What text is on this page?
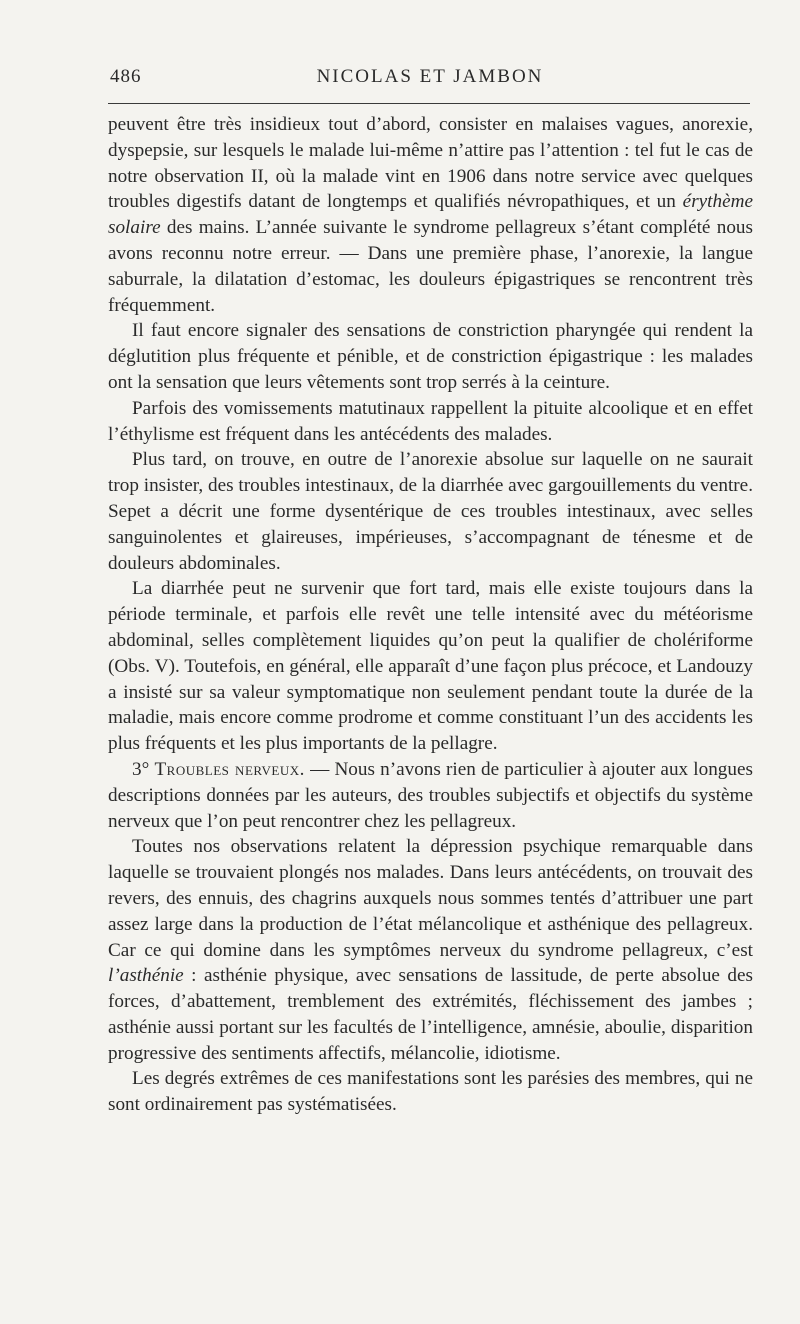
486	NICOLAS ET JAMBON

peuvent être très insidieux tout d’abord, consister en malaises vagues, anorexie, dyspepsie, sur lesquels le malade lui-même n’attire pas l’attention : tel fut le cas de notre observation II, où la malade vint en 1906 dans notre service avec quelques troubles digestifs datant de longtemps et qualifiés névropathiques, et un érythème solaire des mains. L’année suivante le syndrome pellagreux s’étant complété nous avons reconnu notre erreur. — Dans une première phase, l’anorexie, la langue saburrale, la dilatation d’estomac, les douleurs épigastriques se rencontrent très fréquemment.

Il faut encore signaler des sensations de constriction pharyngée qui rendent la déglutition plus fréquente et pénible, et de constriction épigastrique : les malades ont la sensation que leurs vêtements sont trop serrés à la ceinture.

Parfois des vomissements matutinaux rappellent la pituite alcoolique et en effet l’éthylisme est fréquent dans les antécédents des malades.

Plus tard, on trouve, en outre de l’anorexie absolue sur laquelle on ne saurait trop insister, des troubles intestinaux, de la diarrhée avec gargouillements du ventre. Sepet a décrit une forme dysentérique de ces troubles intestinaux, avec selles sanguinolentes et glaireuses, impérieuses, s’accompagnant de ténesme et de douleurs abdominales.

La diarrhée peut ne survenir que fort tard, mais elle existe toujours dans la période terminale, et parfois elle revêt une telle intensité avec du météorisme abdominal, selles complètement liquides qu’on peut la qualifier de cholériforme (Obs. V). Toutefois, en général, elle apparaît d’une façon plus précoce, et Landouzy a insisté sur sa valeur symptomatique non seulement pendant toute la durée de la maladie, mais encore comme prodrome et comme constituant l’un des accidents les plus fréquents et les plus importants de la pellagre.

3° Troubles nerveux. — Nous n’avons rien de particulier à ajouter aux longues descriptions données par les auteurs, des troubles subjectifs et objectifs du système nerveux que l’on peut rencontrer chez les pellagreux.

Toutes nos observations relatent la dépression psychique remarquable dans laquelle se trouvaient plongés nos malades. Dans leurs antécédents, on trouvait des revers, des ennuis, des chagrins auxquels nous sommes tentés d’attribuer une part assez large dans la production de l’état mélancolique et asthénique des pellagreux. Car ce qui domine dans les symptômes nerveux du syndrome pellagreux, c’est l’asthénie : asthénie physique, avec sensations de lassitude, de perte absolue des forces, d’abattement, tremblement des extrémités, fléchissement des jambes ; asthénie aussi portant sur les facultés de l’intelligence, amnésie, aboulie, disparition progressive des sentiments affectifs, mélancolie, idiotisme.

Les degrés extrêmes de ces manifestations sont les parésies des membres, qui ne sont ordinairement pas systématisées.
